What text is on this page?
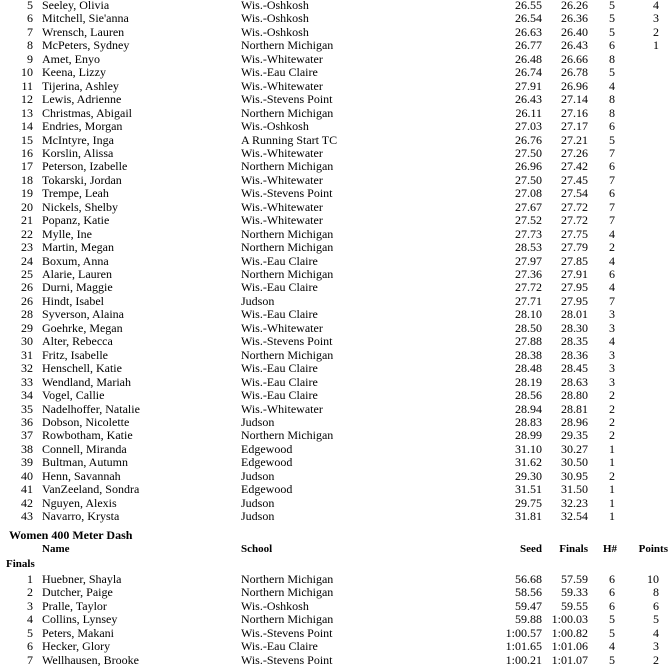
5 Seeley, Olivia	Wis.-Oshkosh	26.55 26.26 5	4
6 Mitchell, Sie'anna	Wis.-Oshkosh	26.54 26.36 5	3
7 Wrensch, Lauren	Wis.-Oshkosh	26.63 26.40 5	2
8 McPeters, Sydney	Northern Michigan	26.77 26.43 6	1
9 Amet, Enyo	Wis.-Whitewater	26.48 26.66 8
10 Keena, Lizzy	Wis.-Eau Claire	26.74 26.78 5
11 Tijerina, Ashley	Wis.-Whitewater	27.91 26.96 4
12 Lewis, Adrienne	Wis.-Stevens Point	26.43 27.14 8
13 Christmas, Abigail	Northern Michigan	26.11 27.16 8
14 Endries, Morgan	Wis.-Oshkosh	27.03 27.17 6
15 McIntyre, Inga	A Running Start TC	26.76 27.21 5
16 Korslin, Alissa	Wis.-Whitewater	27.50 27.26 7
17 Peterson, Izabelle	Northern Michigan	26.96 27.42 6
18 Tokarski, Jordan	Wis.-Whitewater	27.50 27.45 7
19 Trempe, Leah	Wis.-Stevens Point	27.08 27.54 6
20 Nickels, Shelby	Wis.-Whitewater	27.67 27.72 7
21 Popanz, Katie	Wis.-Whitewater	27.52 27.72 7
22 Mylle, Ine	Northern Michigan	27.73 27.75 4
23 Martin, Megan	Northern Michigan	28.53 27.79 2
24 Boxum, Anna	Wis.-Eau Claire	27.97 27.85 4
25 Alarie, Lauren	Northern Michigan	27.36 27.91 6
26 Durni, Maggie	Wis.-Eau Claire	27.72 27.95 4
26 Hindt, Isabel	Judson	27.71 27.95 7
28 Syverson, Alaina	Wis.-Eau Claire	28.10 28.01 3
29 Goehrke, Megan	Wis.-Whitewater	28.50 28.30 3
30 Alter, Rebecca	Wis.-Stevens Point	27.88 28.35 4
31 Fritz, Isabelle	Northern Michigan	28.38 28.36 3
32 Henschell, Katie	Wis.-Eau Claire	28.48 28.45 3
33 Wendland, Mariah	Wis.-Eau Claire	28.19 28.63 3
34 Vogel, Callie	Wis.-Eau Claire	28.56 28.80 2
35 Nadelhoffer, Natalie	Wis.-Whitewater	28.94 28.81 2
36 Dobson, Nicolette	Judson	28.83 28.96 2
37 Rowbotham, Katie	Northern Michigan	28.99 29.35 2
38 Connell, Miranda	Edgewood	31.10 30.27 1
39 Bultman, Autumn	Edgewood	31.62 30.50 1
40 Henn, Savannah	Judson	29.30 30.95 2
41 VanZeeland, Sondra	Edgewood	31.51 31.50 1
42 Nguyen, Alexis	Judson	29.75 32.23 1
43 Navarro, Krysta	Judson	31.81 32.54 1
Women 400 Meter Dash
Name	School	Seed Finals H# Points
Finals
1 Huebner, Shayla	Northern Michigan	56.68 57.59 6	10
2 Dutcher, Paige	Northern Michigan	58.56 59.33 6	8
3 Pralle, Taylor	Wis.-Oshkosh	59.47 59.55 6	6
4 Collins, Lynsey	Northern Michigan	59.88 1:00.03 5	5
5 Peters, Makani	Wis.-Stevens Point	1:00.57 1:00.82 5	4
6 Hecker, Glory	Wis.-Eau Claire	1:01.65 1:01.06 4	3
7 Wellhausen, Brooke	Wis.-Stevens Point	1:00.21 1:01.07 5	2
